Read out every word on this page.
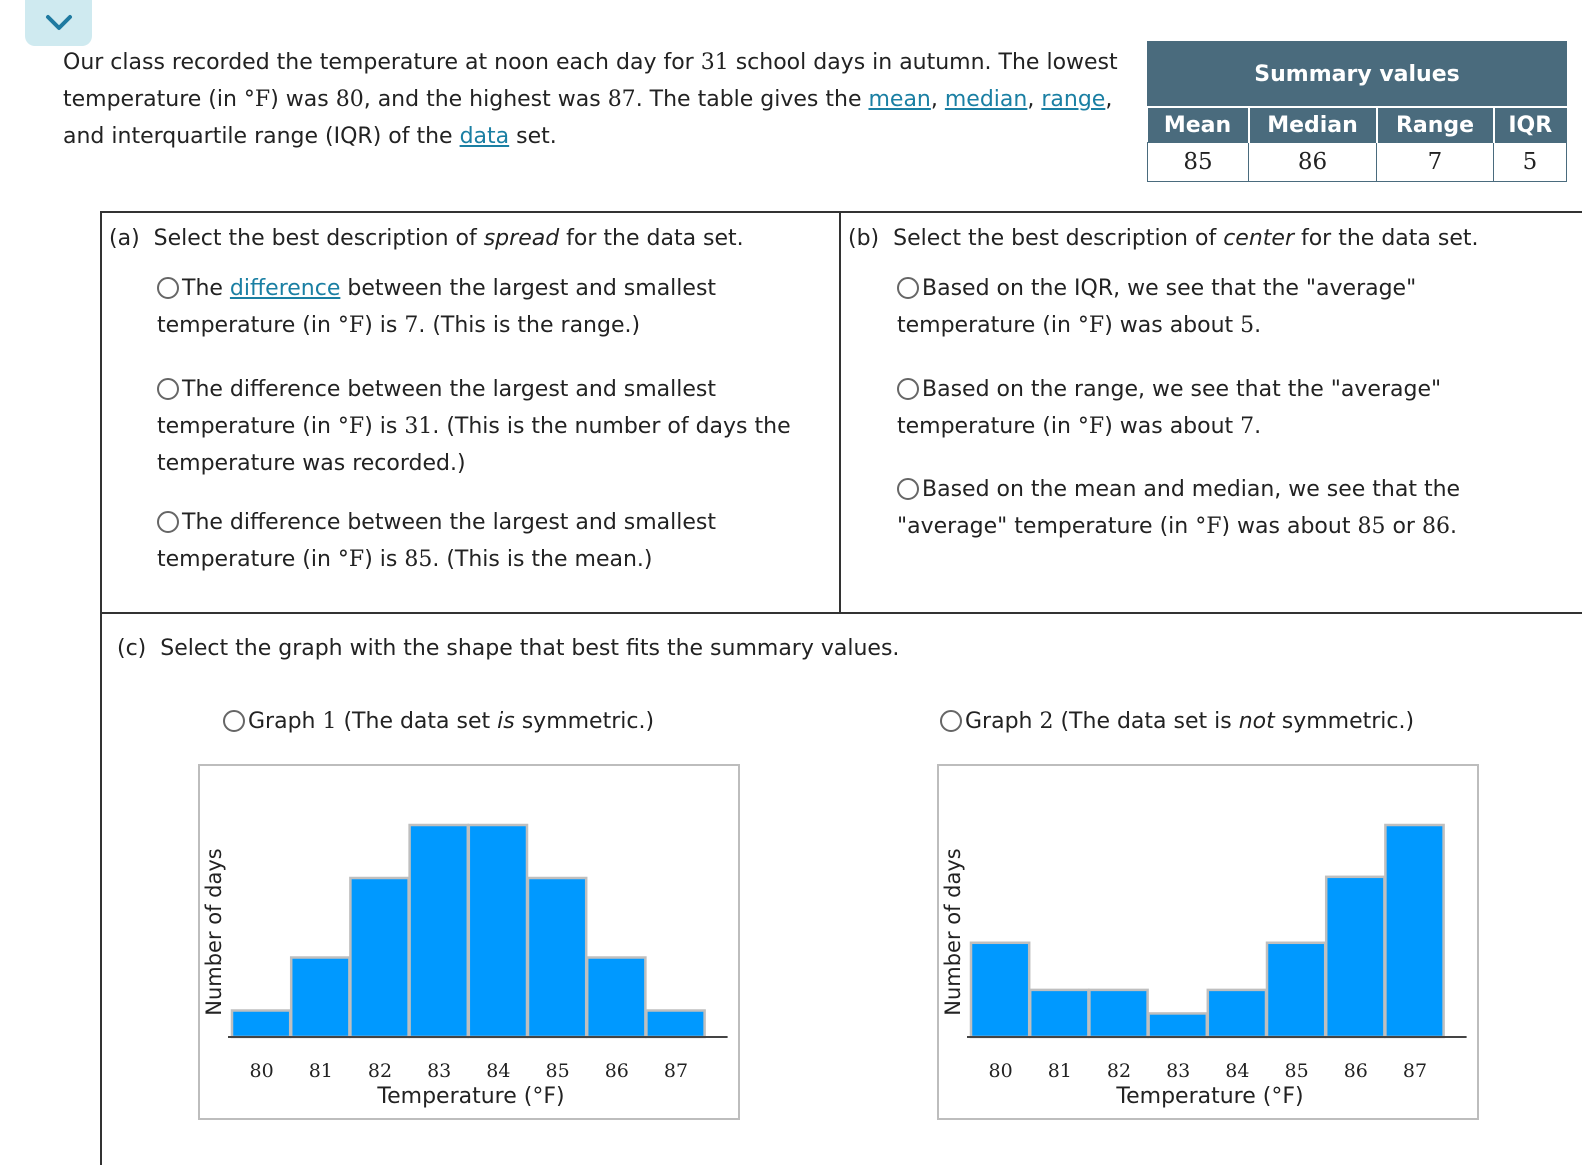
Our class recorded the temperature at noon each day for 31 school days in autumn. The lowest temperature (in °F) was 80, and the highest was 87. The table gives the mean, median, range, and interquartile range (IQR) of the data set.
Summary values			
Mean	Median	Range	IQR
85	86	7	5
(a) Select the best description of spread for the data set.
The difference between the largest and smallest temperature (in °F) is 7. (This is the range.)
The difference between the largest and smallest temperature (in °F) is 31. (This is the number of days the temperature was recorded.)
The difference between the largest and smallest temperature (in °F) is 85. (This is the mean.)
(b) Select the best description of center for the data set.
Based on the IQR, we see that the "average" temperature (in °F) was about 5.
Based on the range, we see that the "average" temperature (in °F) was about 7.
Based on the mean and median, we see that the "average" temperature (in °F) was about 85 or 86.
(c) Select the graph with the shape that best fits the summary values.
Graph 1 (The data set is symmetric.)	Graph 2 (The data set is not symmetric.)
Number of days
80 81 82 83 84 85 86 87
Temperature (°F)
Number of days
80 81 82 83 84 85 86 87
Temperature (°F)
